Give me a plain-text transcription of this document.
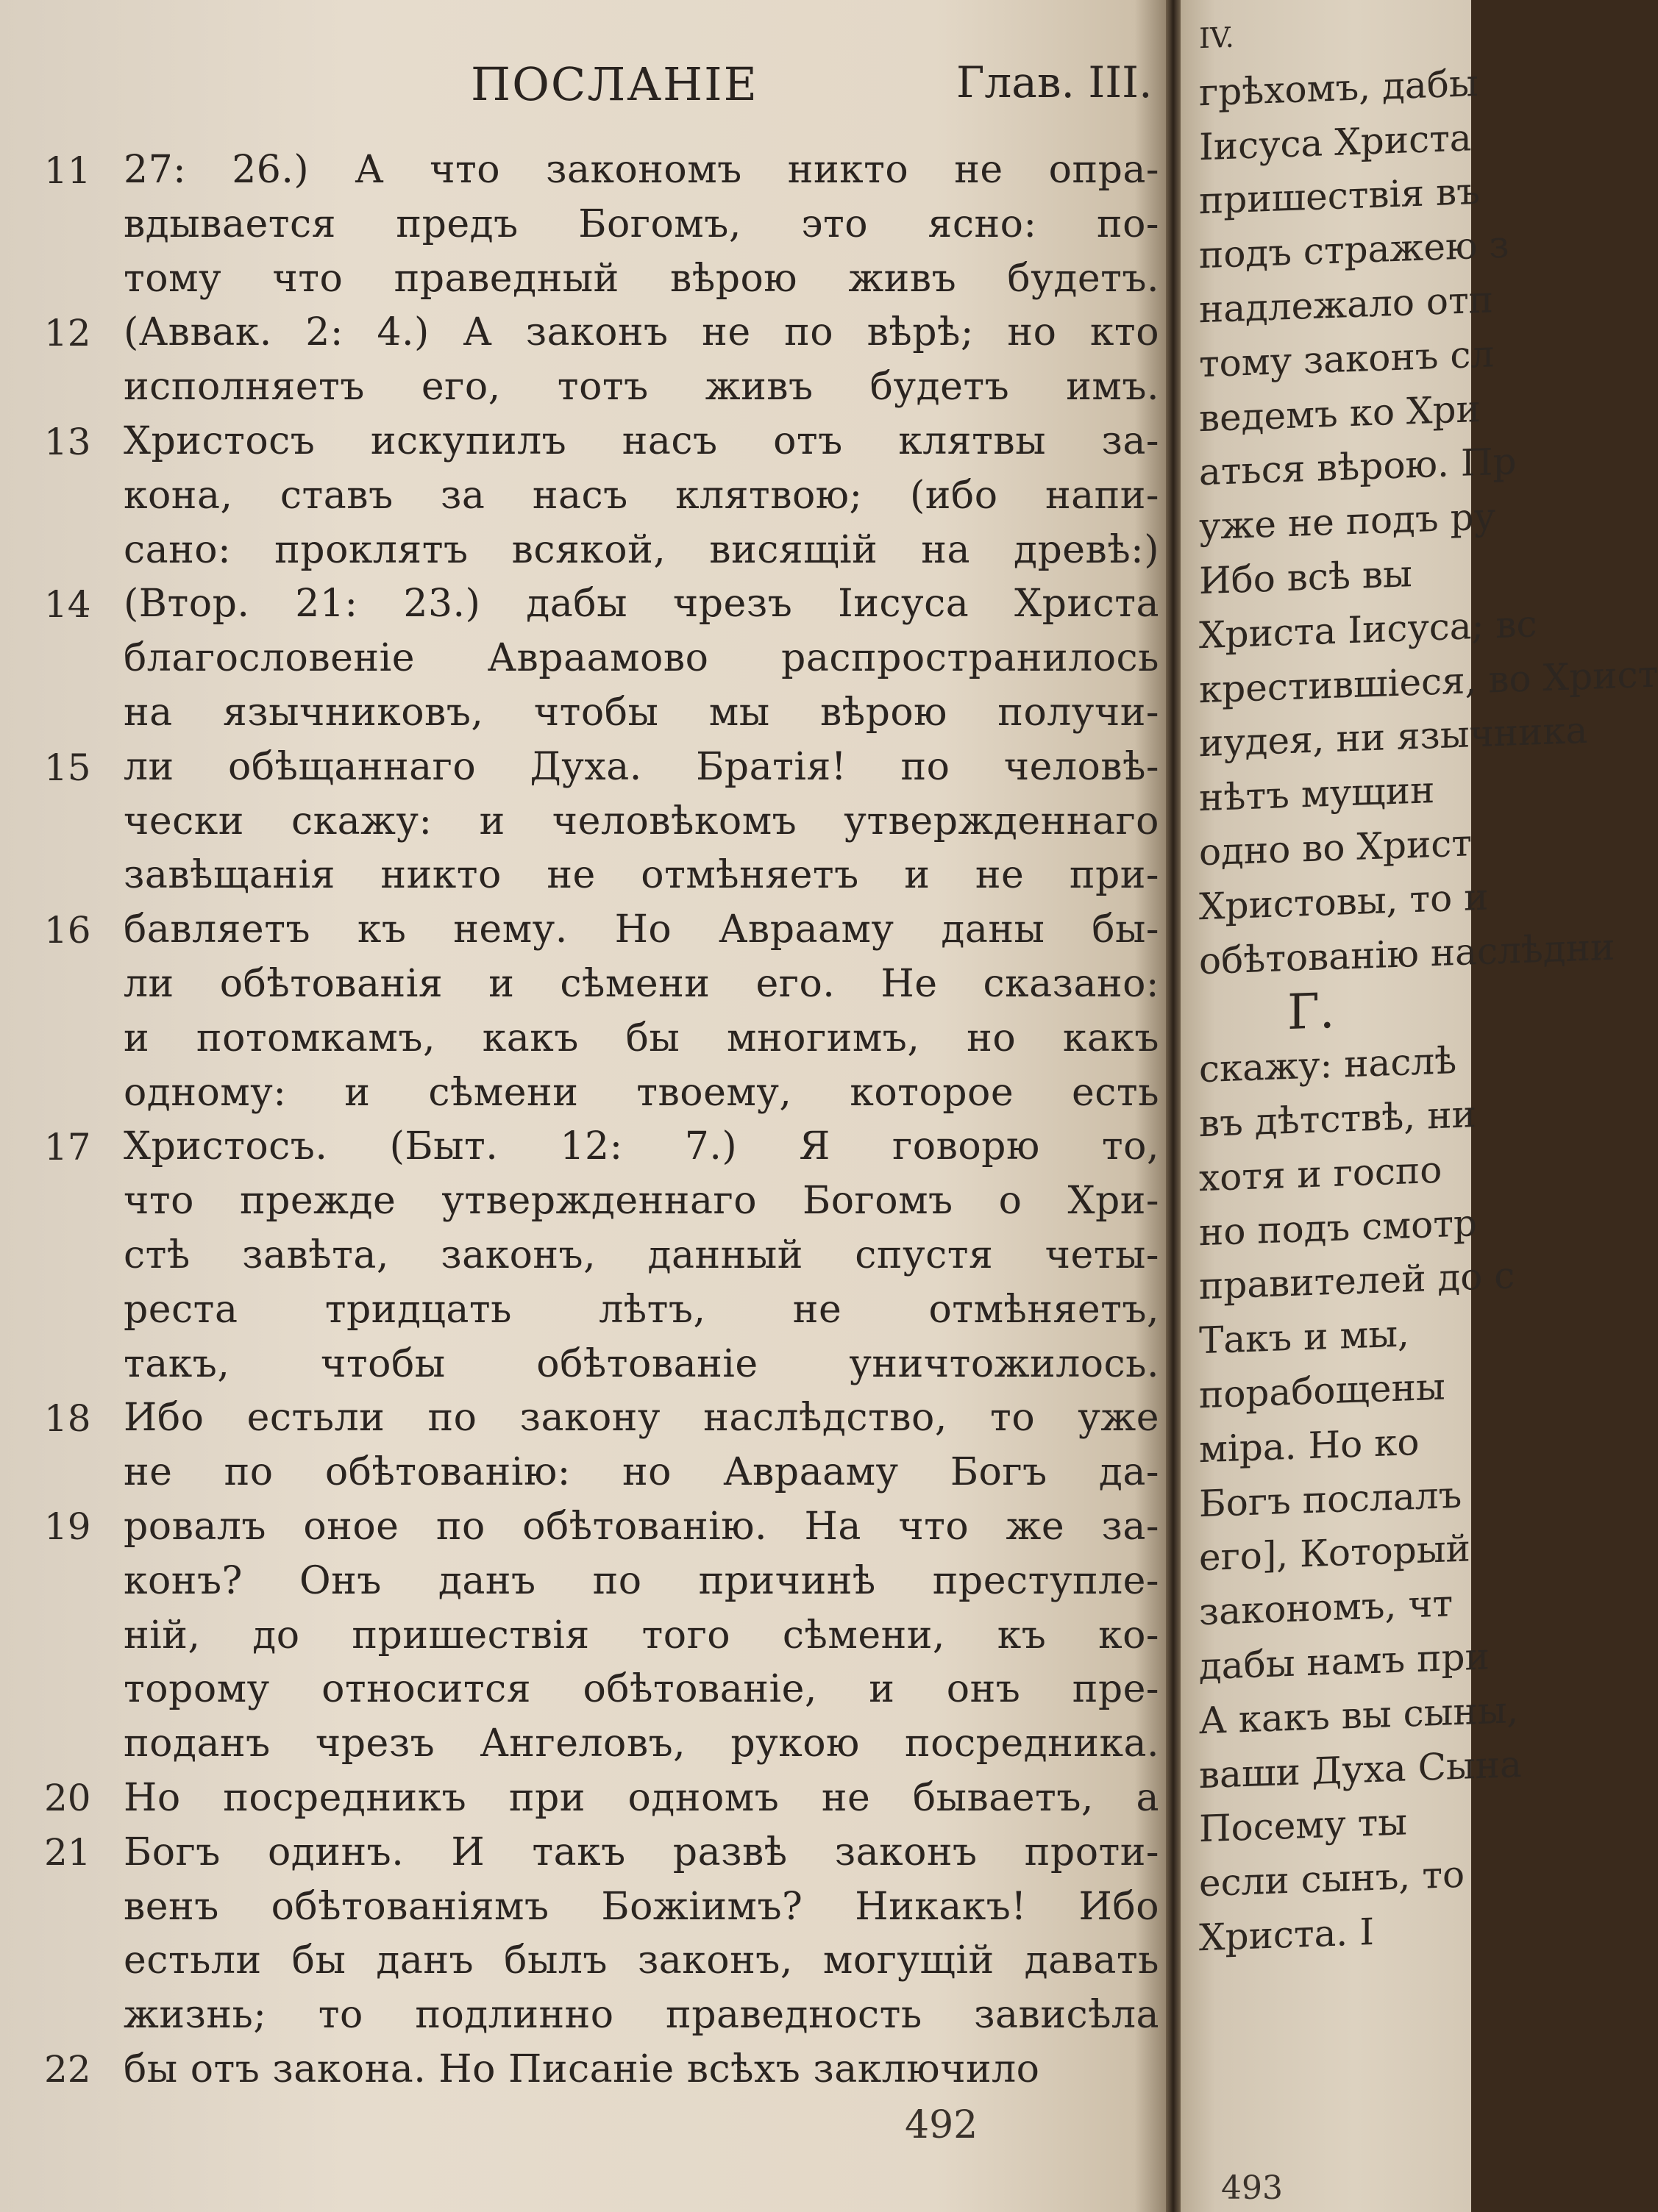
ПОСЛАНІЕ	Глав. III.
11
12
13
14
15
16
17
18
19
20
21
22
27: 26.) А что закономъ никто не опра-
вдывается предъ Богомъ, это ясно: по-
тому что праведный вѣрою живъ будетъ.
(Аввак. 2: 4.) А законъ не по вѣрѣ; но кто
исполняетъ его, тотъ живъ будетъ имъ.
Христосъ искупилъ насъ отъ клятвы за-
кона, ставъ за насъ клятвою; (ибо напи-
сано: проклятъ всякой, висящій на древѣ:)
(Втор. 21: 23.) дабы чрезъ Іисуса Христа
благословеніе Авраамово распространилось
на язычниковъ, чтобы мы вѣрою получи-
ли обѣщаннаго Духа. Братія! по человѣ-
чески скажу: и человѣкомъ утвержденнаго
завѣщанія никто не отмѣняетъ и не при-
бавляетъ къ нему. Но Аврааму даны бы-
ли обѣтованія и сѣмени его. Не сказано:
и потомкамъ, какъ бы многимъ, но какъ
одному: и сѣмени твоему, которое есть
Христосъ. (Быт. 12: 7.) Я говорю то,
что прежде утвержденнаго Богомъ о Хри-
стѣ завѣта, законъ, данный спустя четы-
реста тридцать лѣтъ, не отмѣняетъ,
такъ, чтобы обѣтованіе уничтожилось.
Ибо естьли по закону наслѣдство, то уже
не по обѣтованію: но Аврааму Богъ да-
ровалъ оное по обѣтованію. На что же за-
конъ? Онъ данъ по причинѣ преступле-
ній, до пришествія того сѣмени, къ ко-
торому относится обѣтованіе, и онъ пре-
поданъ чрезъ Ангеловъ, рукою посредника.
Но посредникъ при одномъ не бываетъ, а
Богъ одинъ. И такъ развѣ законъ проти-
венъ обѣтованіямъ Божіимъ? Никакъ! Ибо
естьли бы данъ былъ законъ, могущій давать
жизнь; то подлинно праведность зависѣла
бы отъ закона. Но Писаніе всѣхъ заключило
492
IV.
грѣхомъ, дабы
Іисуса Христа
пришествія въ
подъ стражею з
надлежало отп
тому законъ сл
ведемъ ко Хри
аться вѣрою. Пр
уже не подъ ру
Ибо всѣ вы
Христа Іисуса; вс
крестившіеся, во Христ
иудея, ни язычника
нѣтъ мущин
одно во Христ
Христовы, то и
обѣтованію наслѣдни
Г.
скажу: наслѣ
въ дѣтствѣ, ни
хотя и госпо
но подъ смотр
правителей до с
Такъ и мы,
порабощены
міра. Но ко
Богъ послалъ
его], Который
закономъ, чт
дабы намъ при
А какъ вы сыны,
ваши Духа Сына
Посему ты
если сынъ, то
Христа. І
493
